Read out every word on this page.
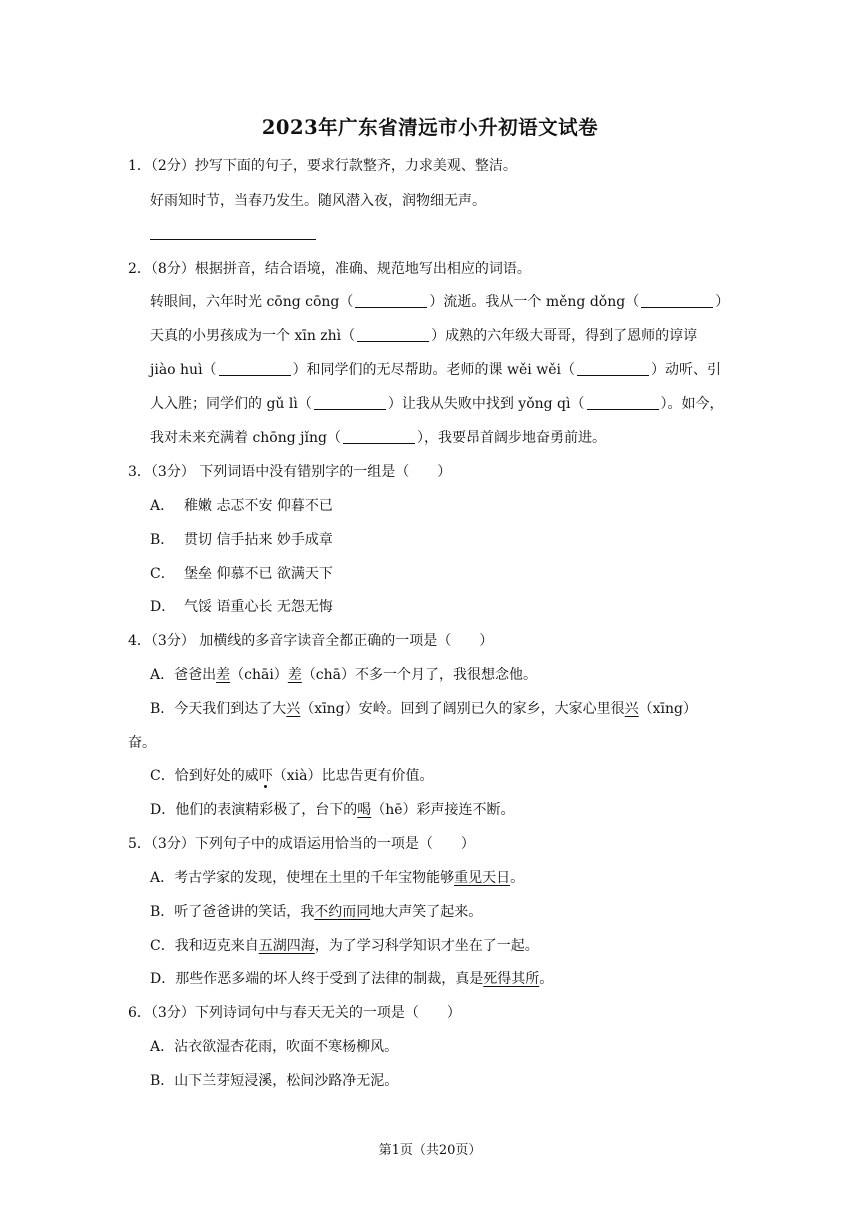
2023年广东省清远市小升初语文试卷
1．（2分）抄写下面的句子，要求行款整齐，力求美观、整洁。
好雨知时节，当春乃发生。随风潜入夜，润物细无声。
2．（8分）根据拼音，结合语境，准确、规范地写出相应的词语。
转眼间，六年时光 cōng cōng（	）流逝。我从一个 měng dǒng（	）
天真的小男孩成为一个 xīn zhì（	）成熟的六年级大哥哥，得到了恩师的谆谆
jiào huì（	）和同学们的无尽帮助。老师的课 wěi wěi（	）动听、引
人入胜；同学们的 gǔ lì（	）让我从失败中找到 yǒng qì（	）。如今，
我对未来充满着 chōng jǐng（	），我要昂首阔步地奋勇前进。
3．（3分） 下列词语中没有错别字的一组是（　　）
A． 稚嫩 忐忑不安 仰暮不已
B． 贯切 信手拈来 妙手成章
C． 堡垒 仰慕不已 欲满天下
D． 气馁 语重心长 无怨无悔
4．（3分） 加横线的多音字读音全都正确的一项是（　　）
A．爸爸出差（chāi）差（chā）不多一个月了，我很想念他。
B．今天我们到达了大兴（xīng）安岭。回到了阔别已久的家乡，大家心里很兴（xīng）
奋。
C．恰到好处的威吓（xià）比忠告更有价值。
D．他们的表演精彩极了，台下的喝（hē）彩声接连不断。
5．（3分）下列句子中的成语运用恰当的一项是（　　）
A．考古学家的发现，使埋在土里的千年宝物能够重见天日。
B．听了爸爸讲的笑话，我不约而同地大声笑了起来。
C．我和迈克来自五湖四海，为了学习科学知识才坐在了一起。
D．那些作恶多端的坏人终于受到了法律的制裁，真是死得其所。
6．（3分）下列诗词句中与春天无关的一项是（　　）
A．沾衣欲湿杏花雨，吹面不寒杨柳风。
B．山下兰芽短浸溪，松间沙路净无泥。
第1页（共20页）
